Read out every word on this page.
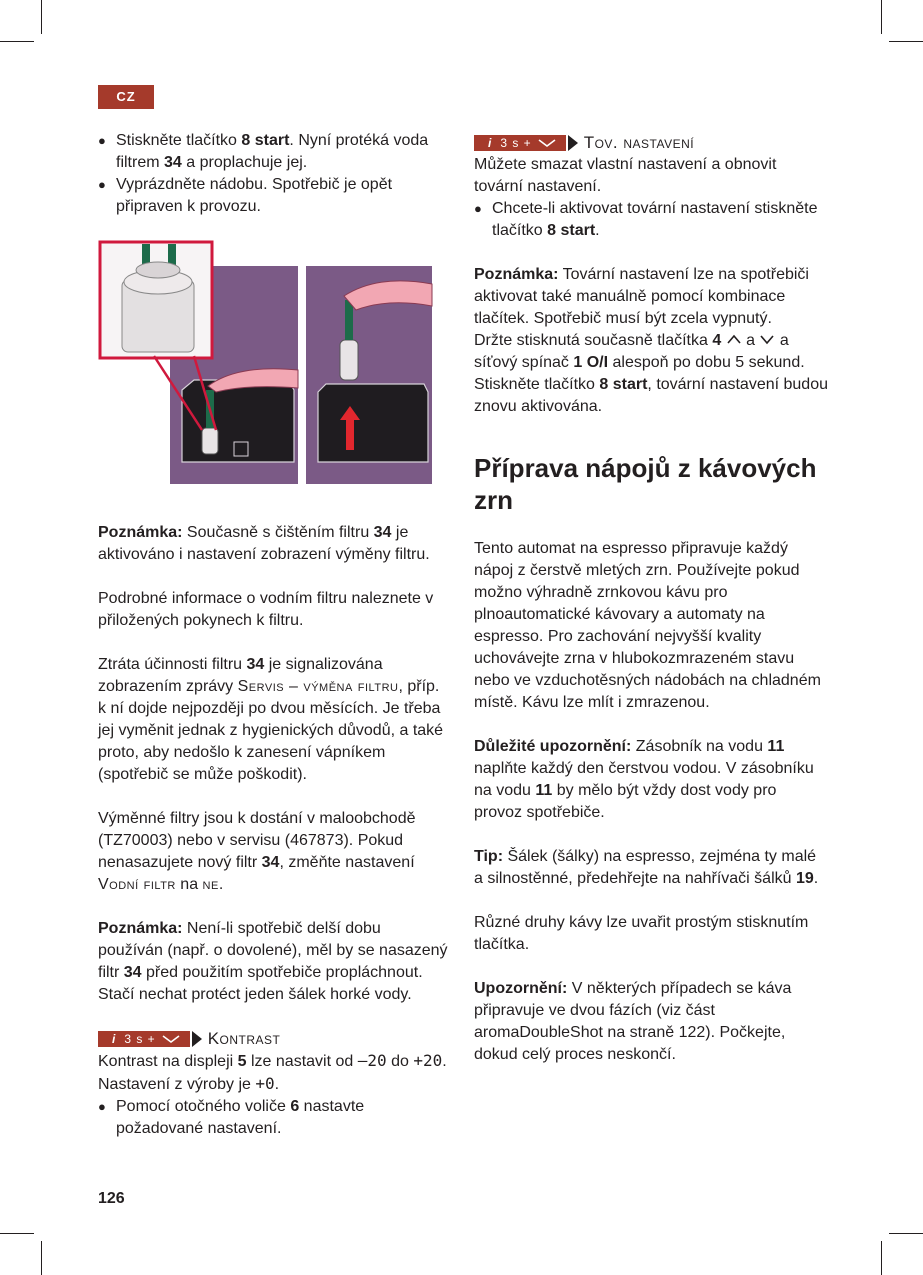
CZ
● Stiskněte tlačítko 8 start. Nyní protéká voda filtrem 34 a proplachuje jej.
● Vyprázdněte nádobu. Spotřebič je opět připraven k provozu.

Poznámka: Současně s čištěním filtru 34 je aktivováno i nastavení zobrazení výměny filtru.

Podrobné informace o vodním filtru naleznete v přiložených pokynech k filtru.

Ztráta účinnosti filtru 34 je signalizována zobrazením zprávy Servis – výměna filtru, příp. k ní dojde nejpozději po dvou měsících. Je třeba jej vyměnit jednak z hygienických důvodů, a také proto, aby nedošlo k zanesení vápníkem (spotřebič se může poškodit).

Výměnné filtry jsou k dostání v maloobchodě (TZ70003) nebo v servisu (467873). Pokud nenasazujete nový filtr 34, změňte nastavení Vodní filtr na ne.

Poznámka: Není-li spotřebič delší dobu používán (např. o dovolené), měl by se nasazený filtr 34 před použitím spotřebiče propláchnout. Stačí nechat protéct jeden šálek horké vody.

i 3 s +	Kontrast

Kontrast na displeji 5 lze nastavit od –20 do +20. Nastavení z výroby je +0.

● Pomocí otočného voliče 6 nastavte požadované nastavení.
i 3 s +	Tov. nastavení

Můžete smazat vlastní nastavení a obnovit tovární nastavení.

● Chcete-li aktivovat tovární nastavení stiskněte tlačítko 8 start.

Poznámka: Tovární nastavení lze na spotřebiči aktivovat také manuálně pomocí kombinace tlačítek. Spotřebič musí být zcela vypnutý.

Držte stisknutá současně tlačítka 4  a  a síťový spínač 1 O/I alespoň po dobu 5 sekund. Stiskněte tlačítko 8 start, tovární nastavení budou znovu aktivována.

Příprava nápojů z kávových zrn

Tento automat na espresso připravuje každý nápoj z čerstvě mletých zrn. Používejte pokud možno výhradně zrnkovou kávu pro plnoautomatické kávovary a automaty na espresso. Pro zachování nejvyšší kvality uchovávejte zrna v hlubokozmrazeném stavu nebo ve vzduchotěsných nádobách na chladném místě. Kávu lze mlít i zmrazenou.

Důležité upozornění: Zásobník na vodu 11 naplňte každý den čerstvou vodou. V zásobníku na vodu 11 by mělo být vždy dost vody pro provoz spotřebiče.

Tip: Šálek (šálky) na espresso, zejména ty malé a silnostěnné, předehřejte na nahřívači šálků 19.

Různé druhy kávy lze uvařit prostým stisknutím tlačítka.

Upozornění: V některých případech se káva připravuje ve dvou fázích (viz část aromaDoubleShot na straně 122). Počkejte, dokud celý proces neskončí.

126
